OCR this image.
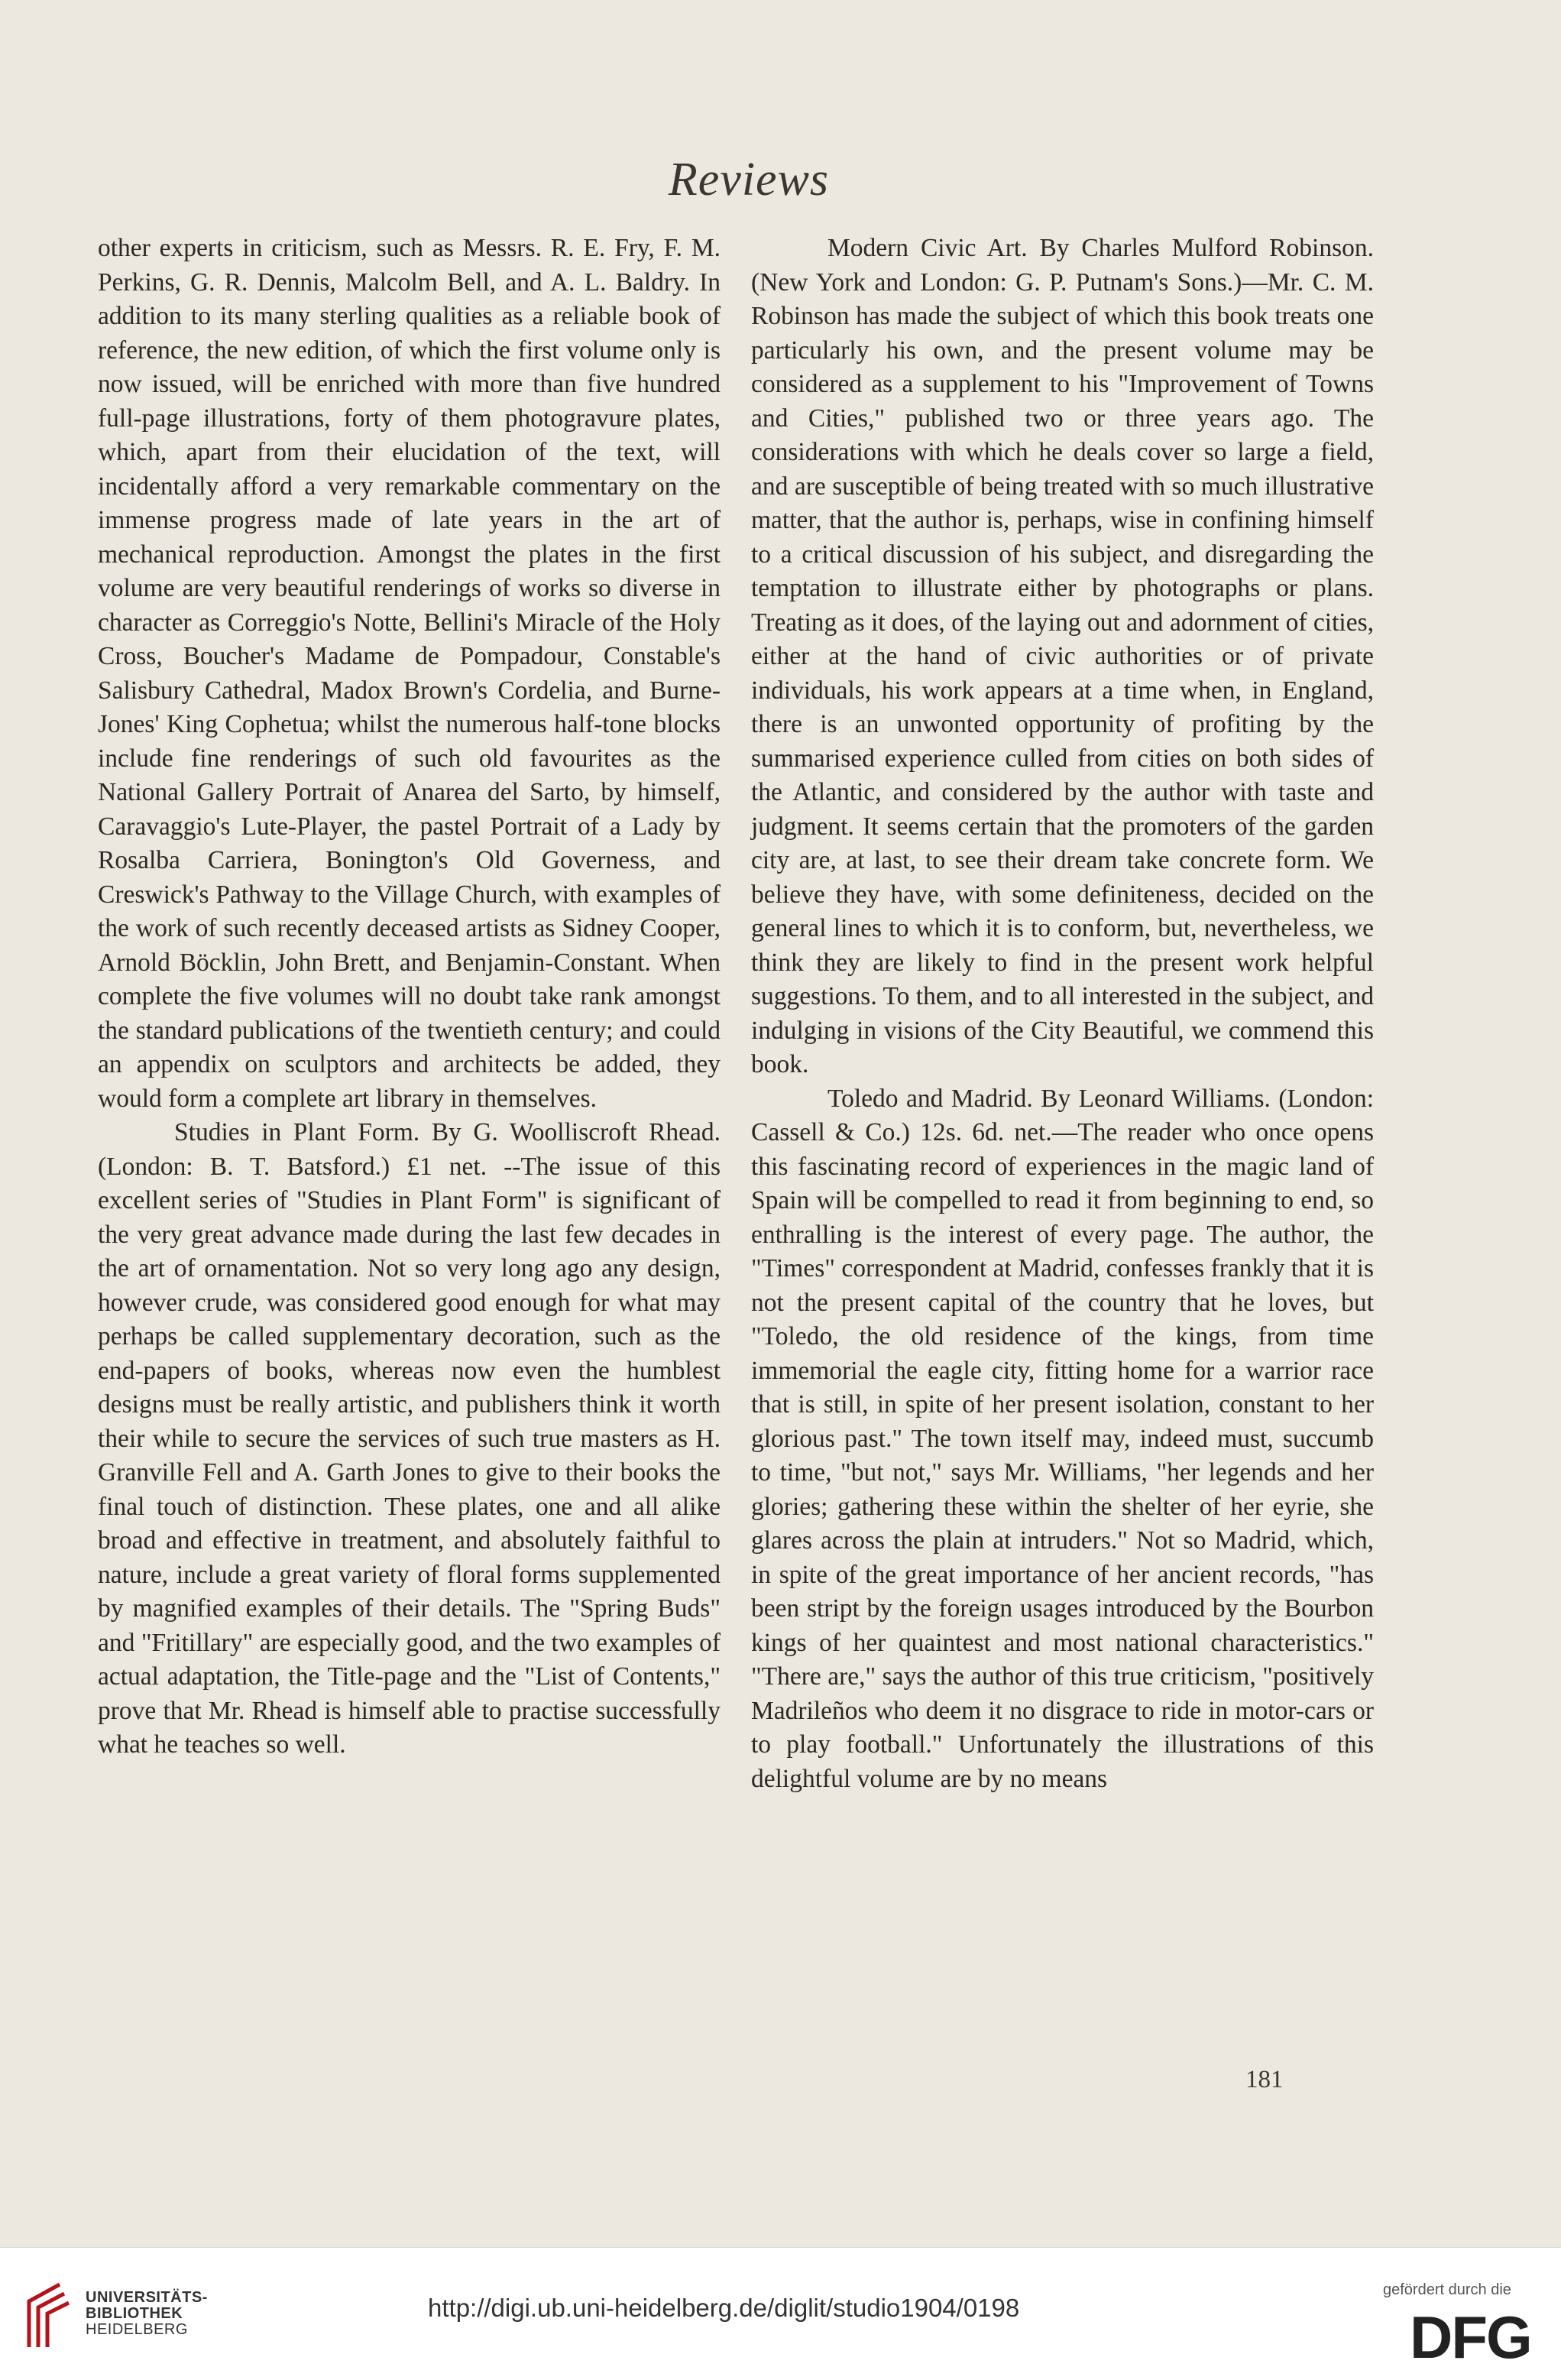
Reviews

other experts in criticism, such as Messrs. R. E. Fry, F. M. Perkins, G. R. Dennis, Malcolm Bell, and A. L. Baldry. In addition to its many sterling qualities as a reliable book of reference, the new edition, of which the first volume only is now issued, will be enriched with more than five hundred full-page illustrations, forty of them photogravure plates, which, apart from their elucidation of the text, will incidentally afford a very remarkable commentary on the immense progress made of late years in the art of mechanical reproduction. Amongst the plates in the first volume are very beautiful renderings of works so diverse in character as Correggio's Notte, Bellini's Miracle of the Holy Cross, Boucher's Madame de Pompadour, Constable's Salisbury Cathedral, Madox Brown's Cordelia, and Burne-Jones' King Cophetua; whilst the numerous half-tone blocks include fine renderings of such old favourites as the National Gallery Portrait of Anarea del Sarto, by himself, Caravaggio's Lute-Player, the pastel Portrait of a Lady by Rosalba Carriera, Bonington's Old Governess, and Creswick's Pathway to the Village Church, with examples of the work of such recently deceased artists as Sidney Cooper, Arnold Böcklin, John Brett, and Benjamin-Constant. When complete the five volumes will no doubt take rank amongst the standard publications of the twentieth century; and could an appendix on sculptors and architects be added, they would form a complete art library in themselves.

Studies in Plant Form. By G. Woolliscroft Rhead. (London: B. T. Batsford.) £1 net. --The issue of this excellent series of "Studies in Plant Form" is significant of the very great advance made during the last few decades in the art of ornamentation. Not so very long ago any design, however crude, was considered good enough for what may perhaps be called supplementary decoration, such as the end-papers of books, whereas now even the humblest designs must be really artistic, and publishers think it worth their while to secure the services of such true masters as H. Granville Fell and A. Garth Jones to give to their books the final touch of distinction. These plates, one and all alike broad and effective in treatment, and absolutely faithful to nature, include a great variety of floral forms supplemented by magnified examples of their details. The "Spring Buds" and "Fritillary" are especially good, and the two examples of actual adaptation, the Title-page and the "List of Contents," prove that Mr. Rhead is himself able to practise successfully what he teaches so well.

Modern Civic Art. By Charles Mulford Robinson. (New York and London: G. P. Putnam's Sons.)—Mr. C. M. Robinson has made the subject of which this book treats one particularly his own, and the present volume may be considered as a supplement to his "Improvement of Towns and Cities," published two or three years ago. The considerations with which he deals cover so large a field, and are susceptible of being treated with so much illustrative matter, that the author is, perhaps, wise in confining himself to a critical discussion of his subject, and disregarding the temptation to illustrate either by photographs or plans. Treating as it does, of the laying out and adornment of cities, either at the hand of civic authorities or of private individuals, his work appears at a time when, in England, there is an unwonted opportunity of profiting by the summarised experience culled from cities on both sides of the Atlantic, and considered by the author with taste and judgment. It seems certain that the promoters of the garden city are, at last, to see their dream take concrete form. We believe they have, with some definiteness, decided on the general lines to which it is to conform, but, nevertheless, we think they are likely to find in the present work helpful suggestions. To them, and to all interested in the subject, and indulging in visions of the City Beautiful, we commend this book.

Toledo and Madrid. By Leonard Williams. (London: Cassell & Co.) 12s. 6d. net.—The reader who once opens this fascinating record of experiences in the magic land of Spain will be compelled to read it from beginning to end, so enthralling is the interest of every page. The author, the "Times" correspondent at Madrid, confesses frankly that it is not the present capital of the country that he loves, but "Toledo, the old residence of the kings, from time immemorial the eagle city, fitting home for a warrior race that is still, in spite of her present isolation, constant to her glorious past." The town itself may, indeed must, succumb to time, "but not," says Mr. Williams, "her legends and her glories; gathering these within the shelter of her eyrie, she glares across the plain at intruders." Not so Madrid, which, in spite of the great importance of her ancient records, "has been stript by the foreign usages introduced by the Bourbon kings of her quaintest and most national characteristics." "There are," says the author of this true criticism, "positively Madrileños who deem it no disgrace to ride in motor-cars or to play football." Unfortunately the illustrations of this delightful volume are by no means

181
UNIVERSITÄTS-
BIBLIOTHEK
HEIDELBERG
http://digi.ub.uni-heidelberg.de/diglit/studio1904/0198
gefördert durch die
DFG
